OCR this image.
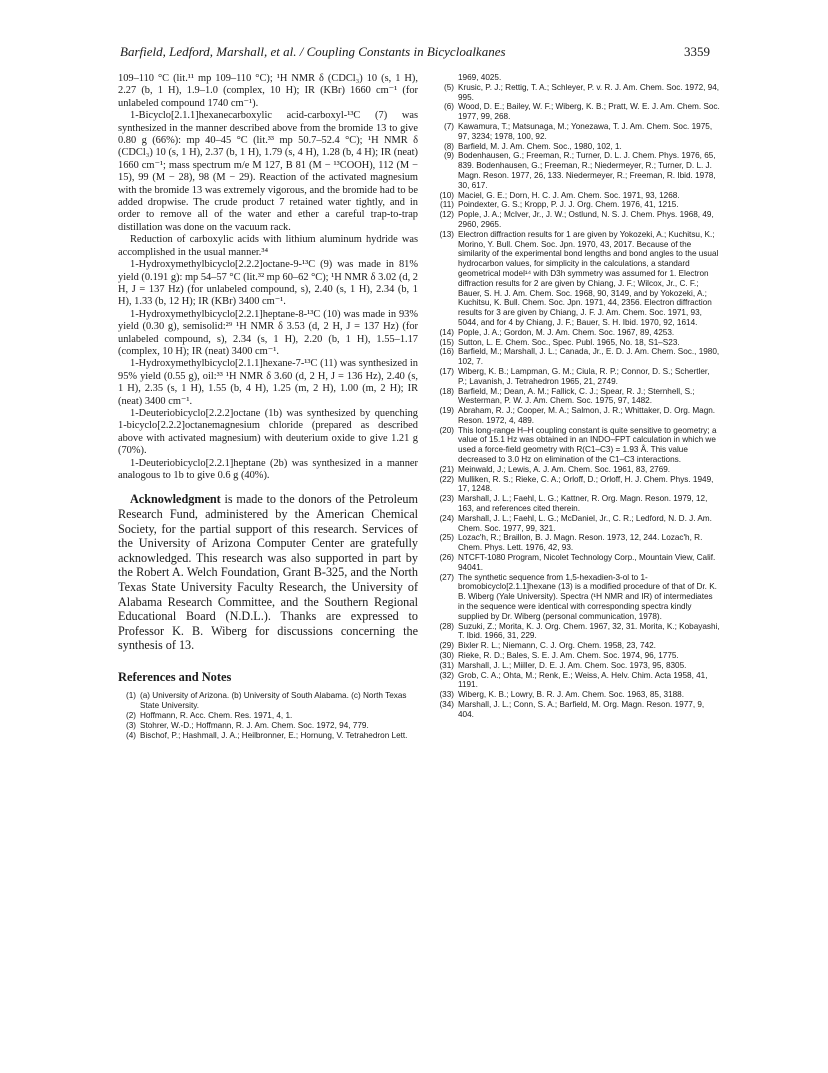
Barfield, Ledford, Marshall, et al. / Coupling Constants in Bicycloalkanes	3359

109–110 °C (lit.¹¹ mp 109–110 °C); ¹H NMR δ (CDCl₃) 10 (s, 1 H), 2.27 (b, 1 H), 1.9–1.0 (complex, 10 H); IR (KBr) 1660 cm⁻¹ (for unlabeled compound 1740 cm⁻¹).

1-Bicyclo[2.1.1]hexanecarboxylic acid-carboxyl-¹³C (7) was synthesized in the manner described above from the bromide 13 to give 0.80 g (66%): mp 40–45 °C (lit.³³ mp 50.7–52.4 °C); ¹H NMR δ (CDCl₃) 10 (s, 1 H), 2.37 (b, 1 H), 1.79 (s, 4 H), 1.28 (b, 4 H); IR (neat) 1660 cm⁻¹; mass spectrum m/e M 127, B 81 (M − ¹³COOH), 112 (M − 15), 99 (M − 28), 98 (M − 29). Reaction of the activated magnesium with the bromide 13 was extremely vigorous, and the bromide had to be added dropwise. The crude product 7 retained water tightly, and in order to remove all of the water and ether a careful trap-to-trap distillation was done on the vacuum rack.

Reduction of carboxylic acids with lithium aluminum hydride was accomplished in the usual manner.³⁴

1-Hydroxymethylbicyclo[2.2.2]octane-9-¹³C (9) was made in 81% yield (0.191 g): mp 54–57 °C (lit.³² mp 60–62 °C); ¹H NMR δ 3.02 (d, 2 H, J = 137 Hz) (for unlabeled compound, s), 2.40 (s, 1 H), 2.34 (b, 1 H), 1.33 (b, 12 H); IR (KBr) 3400 cm⁻¹.

1-Hydroxymethylbicyclo[2.2.1]heptane-8-¹³C (10) was made in 93% yield (0.30 g), semisolid:²⁹ ¹H NMR δ 3.53 (d, 2 H, J = 137 Hz) (for unlabeled compound, s), 2.34 (s, 1 H), 2.20 (b, 1 H), 1.55–1.17 (complex, 10 H); IR (neat) 3400 cm⁻¹.

1-Hydroxymethylbicyclo[2.1.1]hexane-7-¹³C (11) was synthesized in 95% yield (0.55 g), oil:³³ ¹H NMR δ 3.60 (d, 2 H, J = 136 Hz), 2.40 (s, 1 H), 2.35 (s, 1 H), 1.55 (b, 4 H), 1.25 (m, 2 H), 1.00 (m, 2 H); IR (neat) 3400 cm⁻¹.

1-Deuteriobicyclo[2.2.2]octane (1b) was synthesized by quenching 1-bicyclo[2.2.2]octanemagnesium chloride (prepared as described above with activated magnesium) with deuterium oxide to give 1.21 g (70%).

1-Deuteriobicyclo[2.2.1]heptane (2b) was synthesized in a manner analogous to 1b to give 0.6 g (40%).

Acknowledgment is made to the donors of the Petroleum Research Fund, administered by the American Chemical Society, for the partial support of this research. Services of the University of Arizona Computer Center are gratefully acknowledged. This research was also supported in part by the Robert A. Welch Foundation, Grant B-325, and the North Texas State University Faculty Research, the University of Alabama Research Committee, and the Southern Regional Educational Board (N.D.L.). Thanks are expressed to Professor K. B. Wiberg for discussions concerning the synthesis of 13.

References and Notes
(1) (a) University of Arizona. (b) University of South Alabama. (c) North Texas State University.
(2) Hoffmann, R. Acc. Chem. Res. 1971, 4, 1.
(3) Stohrer, W.-D.; Hoffmann, R. J. Am. Chem. Soc. 1972, 94, 779.
(4) Bischof, P.; Hashmall, J. A.; Heilbronner, E.; Hornung, V. Tetrahedron Lett.
1969, 4025.
(5) Krusic, P. J.; Rettig, T. A.; Schleyer, P. v. R. J. Am. Chem. Soc. 1972, 94, 995.
(6) Wood, D. E.; Bailey, W. F.; Wiberg, K. B.; Pratt, W. E. J. Am. Chem. Soc. 1977, 99, 268.
(7) Kawamura, T.; Matsunaga, M.; Yonezawa, T. J. Am. Chem. Soc. 1975, 97, 3234; 1978, 100, 92.
(8) Barfield, M. J. Am. Chem. Soc., 1980, 102, 1.
(9) Bodenhausen, G.; Freeman, R.; Turner, D. L. J. Chem. Phys. 1976, 65, 839. Bodenhausen, G.; Freeman, R.; Niedermeyer, R.; Turner, D. L. J. Magn. Reson. 1977, 26, 133. Niedermeyer, R.; Freeman, R. Ibid. 1978, 30, 617.
(10) Maciel, G. E.; Dorn, H. C. J. Am. Chem. Soc. 1971, 93, 1268.
(11) Poindexter, G. S.; Kropp, P. J. J. Org. Chem. 1976, 41, 1215.
(12) Pople, J. A.; McIver, Jr., J. W.; Ostlund, N. S. J. Chem. Phys. 1968, 49, 2960, 2965.
(13) Electron diffraction results for 1 are given by Yokozeki, A.; Kuchitsu, K.; Morino, Y. Bull. Chem. Soc. Jpn. 1970, 43, 2017. Because of the similarity of the experimental bond lengths and bond angles to the usual hydrocarbon values, for simplicity in the calculations, a standard geometrical model¹⁴ with D3h symmetry was assumed for 1. Electron diffraction results for 2 are given by Chiang, J. F.; Wilcox, Jr., C. F.; Bauer, S. H. J. Am. Chem. Soc. 1968, 90, 3149, and by Yokozeki, A.; Kuchitsu, K. Bull. Chem. Soc. Jpn. 1971, 44, 2356. Electron diffraction results for 3 are given by Chiang, J. F. J. Am. Chem. Soc. 1971, 93, 5044, and for 4 by Chiang, J. F.; Bauer, S. H. Ibid. 1970, 92, 1614.
(14) Pople, J. A.; Gordon, M. J. Am. Chem. Soc. 1967, 89, 4253.
(15) Sutton, L. E. Chem. Soc., Spec. Publ. 1965, No. 18, S1–S23.
(16) Barfield, M.; Marshall, J. L.; Canada, Jr., E. D. J. Am. Chem. Soc., 1980, 102, 7.
(17) Wiberg, K. B.; Lampman, G. M.; Ciula, R. P.; Connor, D. S.; Schertler, P.; Lavanish, J. Tetrahedron 1965, 21, 2749.
(18) Barfield, M.; Dean, A. M.; Fallick, C. J.; Spear, R. J.; Sternhell, S.; Westerman, P. W. J. Am. Chem. Soc. 1975, 97, 1482.
(19) Abraham, R. J.; Cooper, M. A.; Salmon, J. R.; Whittaker, D. Org. Magn. Reson. 1972, 4, 489.
(20) This long-range H–H coupling constant is quite sensitive to geometry; a value of 15.1 Hz was obtained in an INDO–FPT calculation in which we used a force-field geometry with R(C1–C3) = 1.93 Å. This value decreased to 3.0 Hz on elimination of the C1–C3 interactions.
(21) Meinwald, J.; Lewis, A. J. Am. Chem. Soc. 1961, 83, 2769.
(22) Mulliken, R. S.; Rieke, C. A.; Orloff, D.; Orloff, H. J. Chem. Phys. 1949, 17, 1248.
(23) Marshall, J. L.; Faehl, L. G.; Kattner, R. Org. Magn. Reson. 1979, 12, 163, and references cited therein.
(24) Marshall, J. L.; Faehl, L. G.; McDaniel, Jr., C. R.; Ledford, N. D. J. Am. Chem. Soc. 1977, 99, 321.
(25) Lozac'h, R.; Braillon, B. J. Magn. Reson. 1973, 12, 244. Lozac'h, R. Chem. Phys. Lett. 1976, 42, 93.
(26) NTCFT-1080 Program, Nicolet Technology Corp., Mountain View, Calif. 94041.
(27) The synthetic sequence from 1,5-hexadien-3-ol to 1-bromobicyclo[2.1.1]hexane (13) is a modified procedure of that of Dr. K. B. Wiberg (Yale University). Spectra (¹H NMR and IR) of intermediates in the sequence were identical with corresponding spectra kindly supplied by Dr. Wiberg (personal communication, 1978).
(28) Suzuki, Z.; Morita, K. J. Org. Chem. 1967, 32, 31. Morita, K.; Kobayashi, T. Ibid. 1966, 31, 229.
(29) Bixler R. L.; Niemann, C. J. Org. Chem. 1958, 23, 742.
(30) Rieke, R. D.; Bales, S. E. J. Am. Chem. Soc. 1974, 96, 1775.
(31) Marshall, J. L.; Miiller, D. E. J. Am. Chem. Soc. 1973, 95, 8305.
(32) Grob, C. A.; Ohta, M.; Renk, E.; Weiss, A. Helv. Chim. Acta 1958, 41, 1191.
(33) Wiberg, K. B.; Lowry, B. R. J. Am. Chem. Soc. 1963, 85, 3188.
(34) Marshall, J. L.; Conn, S. A.; Barfield, M. Org. Magn. Reson. 1977, 9, 404.
